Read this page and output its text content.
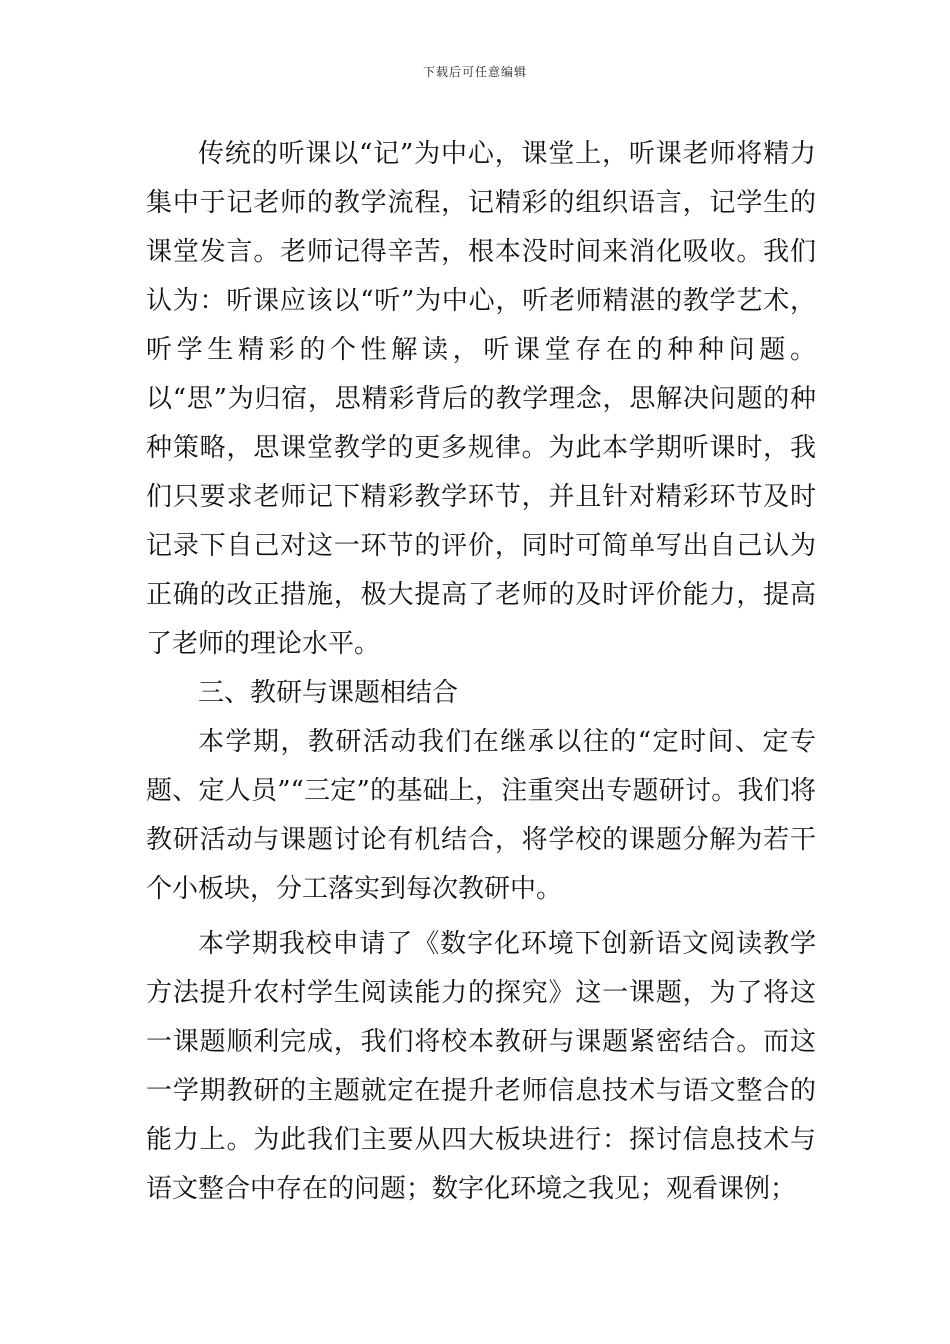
下载后可任意编辑

传统的听课以“记”为中心，课堂上，听课老师将精力集中于记老师的教学流程，记精彩的组织语言，记学生的课堂发言。老师记得辛苦，根本没时间来消化吸收。我们认为：听课应该以“听”为中心，听老师精湛的教学艺术，听学生精彩的个性解读，听课堂存在的种种问题。以“思”为归宿，思精彩背后的教学理念，思解决问题的种种策略，思课堂教学的更多规律。为此本学期听课时，我们只要求老师记下精彩教学环节，并且针对精彩环节及时记录下自己对这一环节的评价，同时可简单写出自己认为正确的改正措施，极大提高了老师的及时评价能力，提高了老师的理论水平。

三、教研与课题相结合

本学期，教研活动我们在继承以往的“定时间、定专题、定人员”“三定”的基础上，注重突出专题研讨。我们将教研活动与课题讨论有机结合，将学校的课题分解为若干个小板块，分工落实到每次教研中。

本学期我校申请了《数字化环境下创新语文阅读教学方法提升农村学生阅读能力的探究》这一课题，为了将这一课题顺利完成，我们将校本教研与课题紧密结合。而这一学期教研的主题就定在提升老师信息技术与语文整合的能力上。为此我们主要从四大板块进行：探讨信息技术与语文整合中存在的问题；数字化环境之我见；观看课例；
